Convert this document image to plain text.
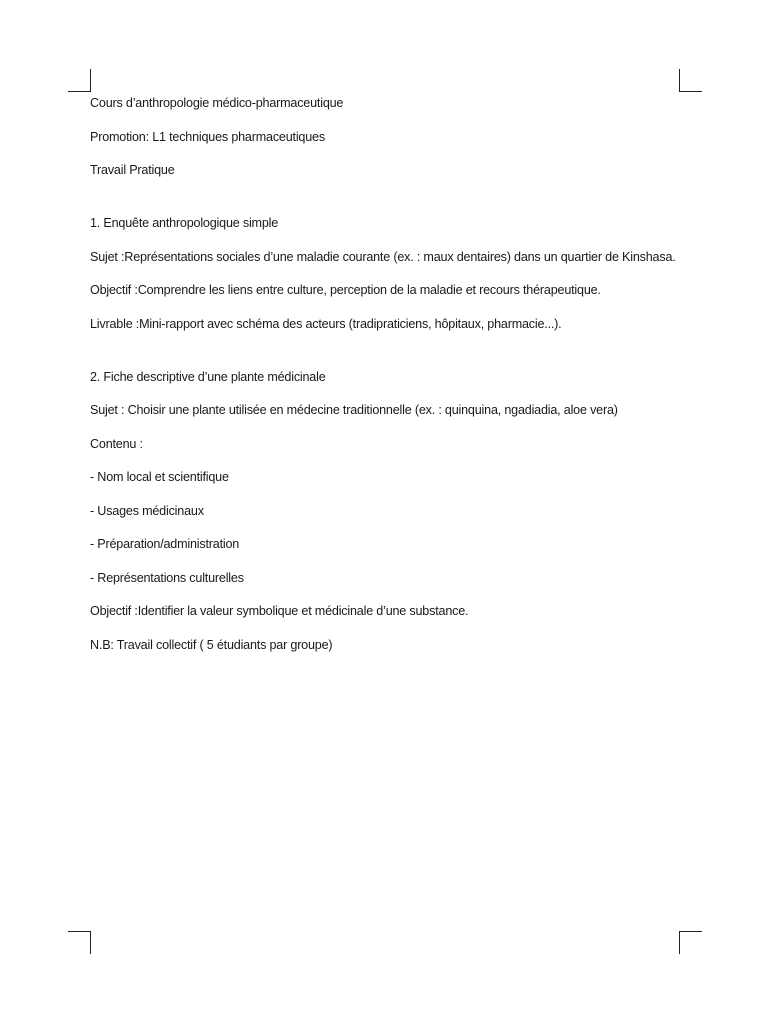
Cours d’anthropologie médico-pharmaceutique

Promotion: L1 techniques pharmaceutiques

Travail Pratique

1. Enquête anthropologique simple

Sujet :Représentations sociales d’une maladie courante (ex. : maux dentaires) dans un quartier de Kinshasa.

Objectif :Comprendre les liens entre culture, perception de la maladie et recours thérapeutique.

Livrable :Mini-rapport avec schéma des acteurs (tradipraticiens, hôpitaux, pharmacie...).

2. Fiche descriptive d’une plante médicinale

Sujet : Choisir une plante utilisée en médecine traditionnelle (ex. : quinquina, ngadiadia, aloe vera)

Contenu :

- Nom local et scientifique

- Usages médicinaux

- Préparation/administration

- Représentations culturelles

Objectif :Identifier la valeur symbolique et médicinale d’une substance.

N.B: Travail collectif ( 5 étudiants par groupe)
